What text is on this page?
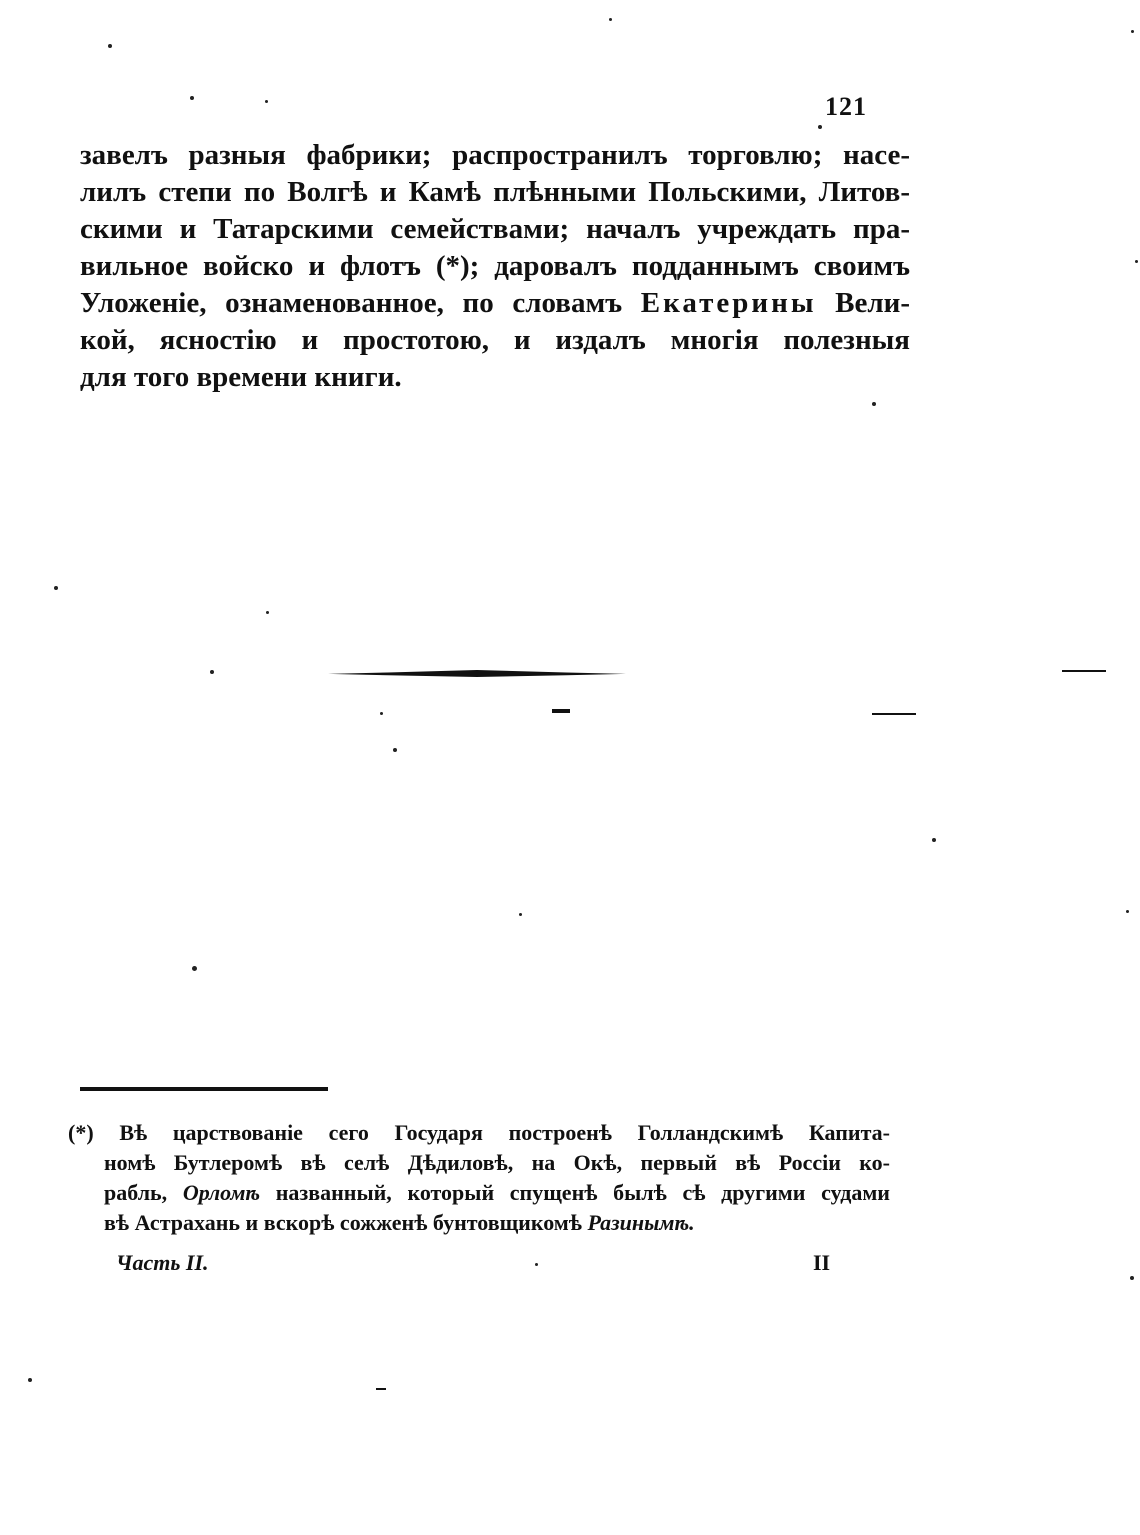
121
завелъ разныя фабрики; распространилъ торговлю; насе-
лилъ степи по Волгѣ и Камѣ плѣнными Польскими, Литов-
скими и Татарскими семействами; началъ учреждать пра-
вильное войско и флотъ (*); даровалъ подданнымъ своимъ
Уложеніе, ознаменованное, по словамъ Екатерины Вели-
кой, ясностію и простотою, и издалъ многія полезныя
для того времени книги.
(*) Вѣ царствованіе сего Государя построенѣ Голландскимѣ Капита-
номѣ Бутлеромѣ вѣ селѣ Дѣдиловѣ, на Окѣ, первый вѣ Россіи ко-
рабль, Орломѣ названный, который спущенѣ былѣ сѣ другими судами
вѣ Астрахань и вскорѣ сожженѣ бунтовщикомѣ Разинымѣ.
Часть II.	II
